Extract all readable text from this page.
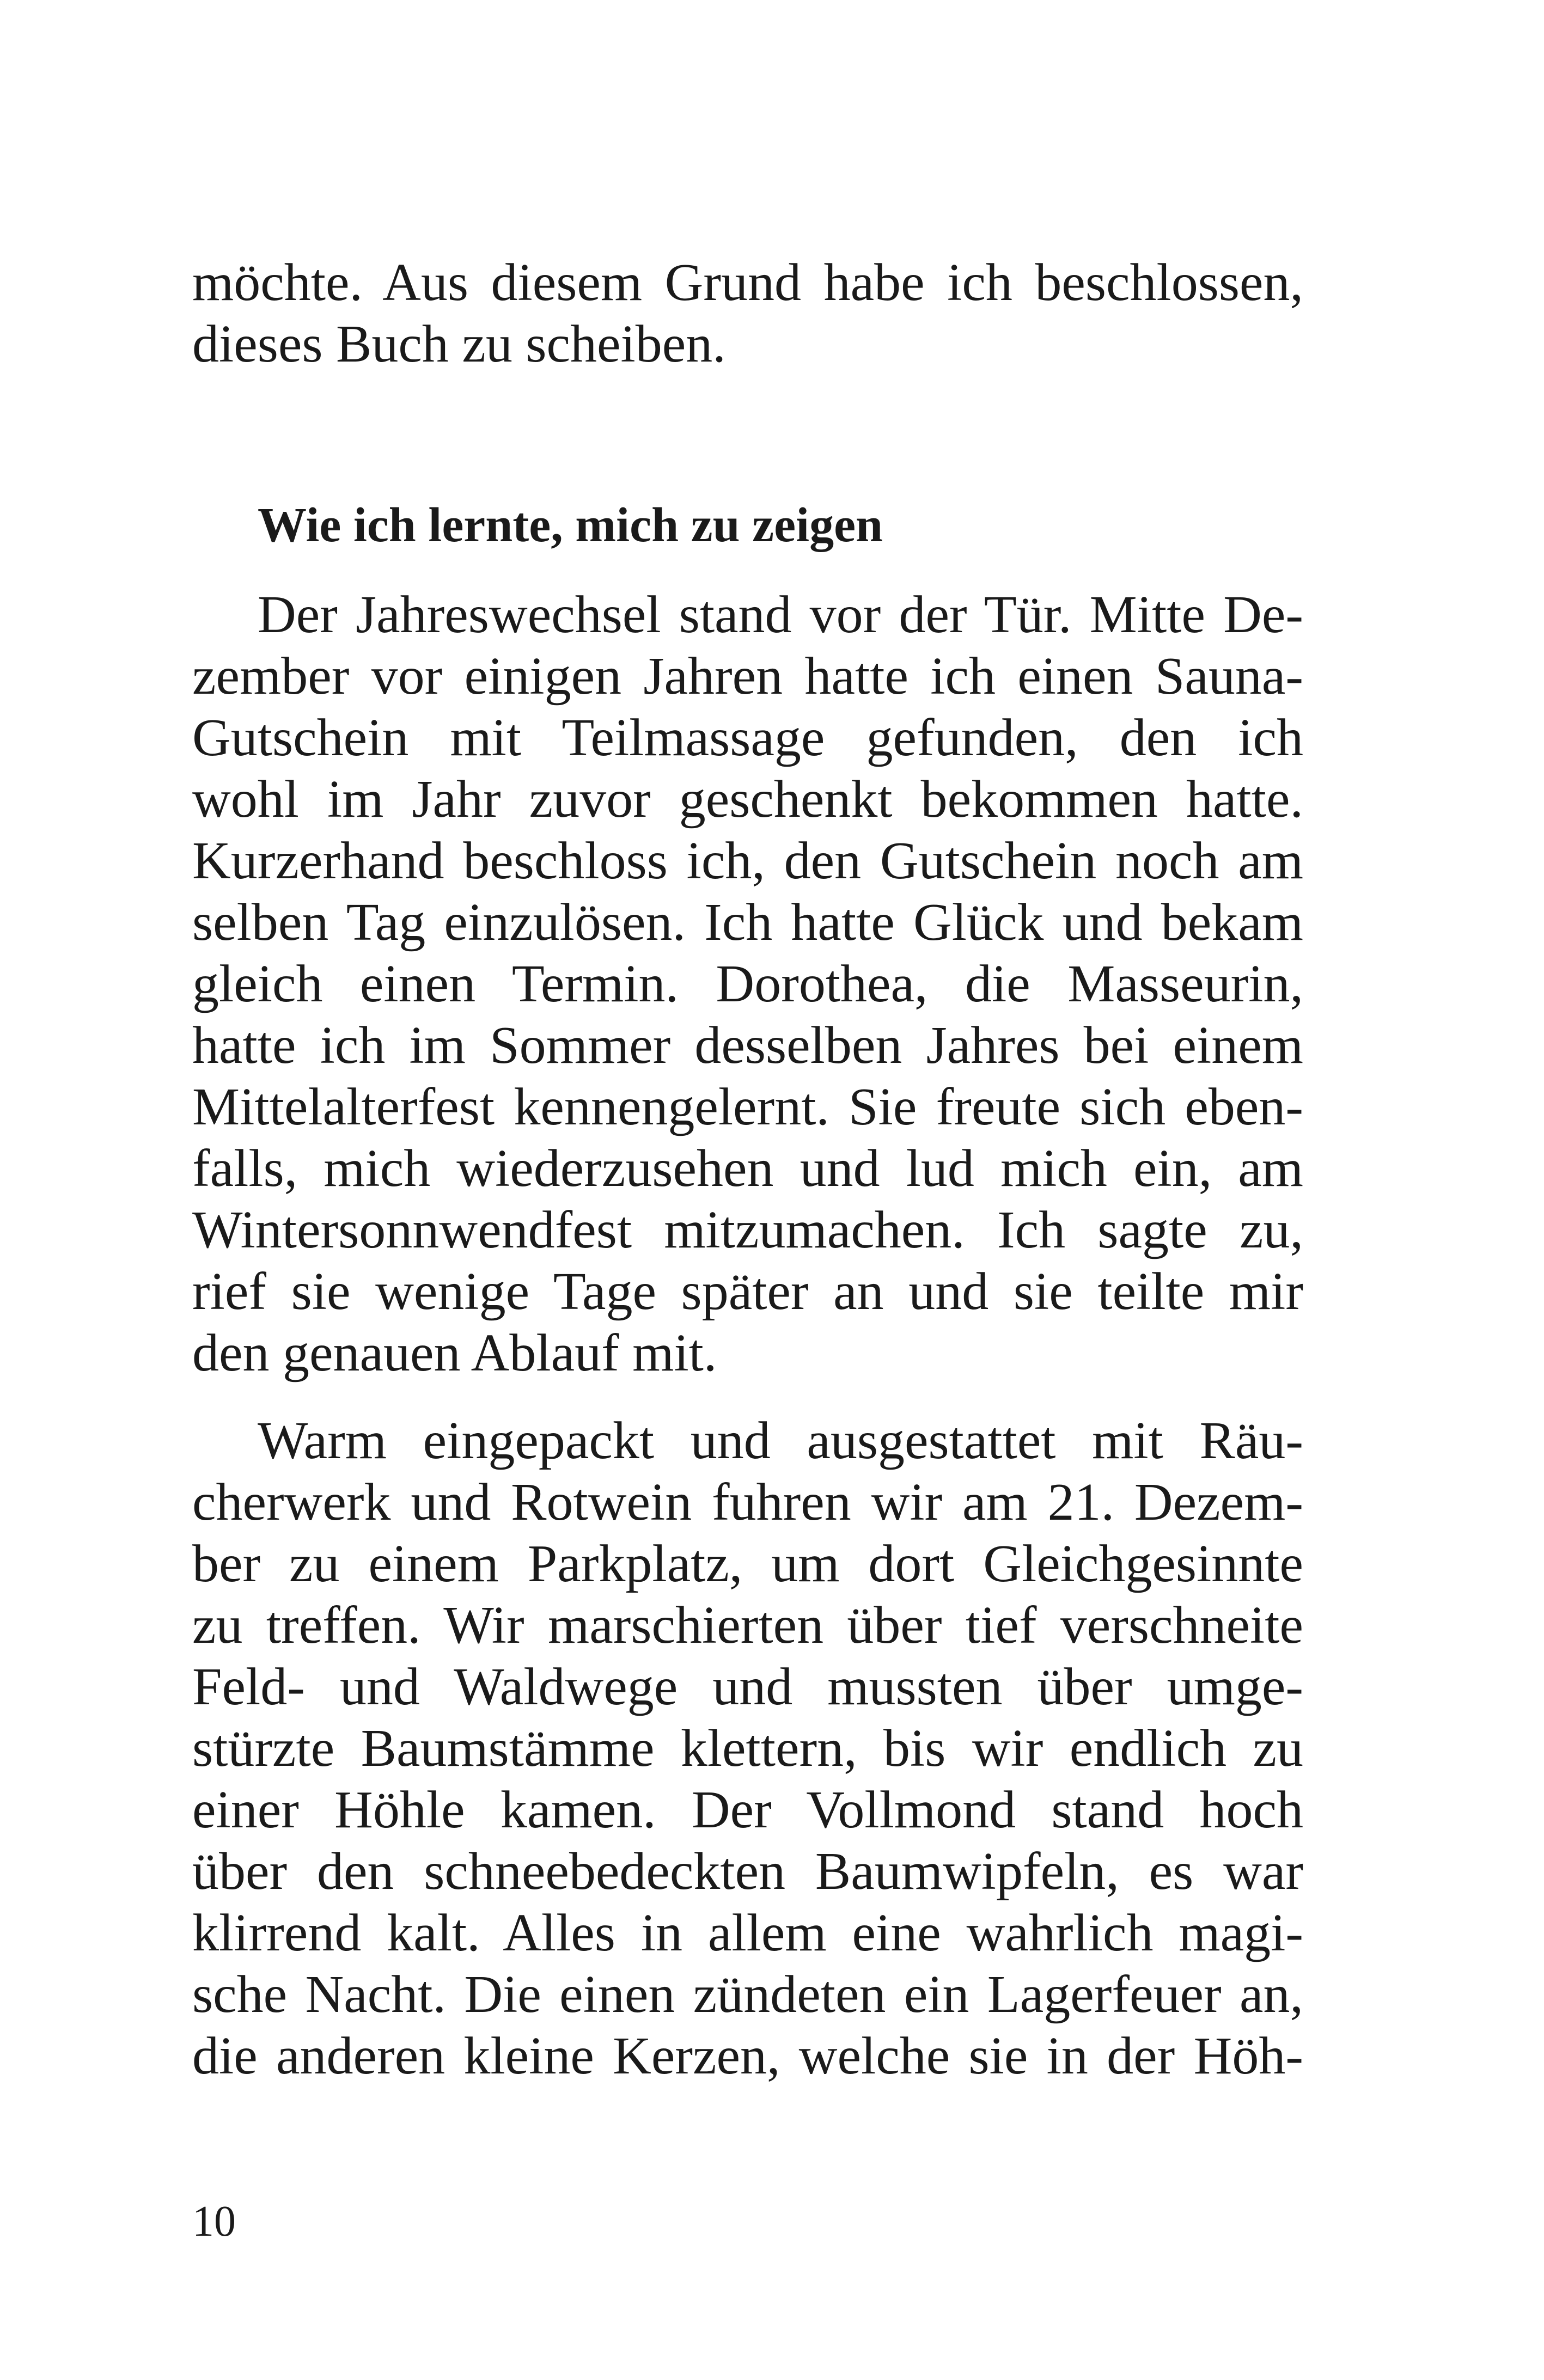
möchte. Aus diesem Grund habe ich beschlossen,
dieses Buch zu scheiben.
Wie ich lernte, mich zu zeigen
Der Jahreswechsel stand vor der Tür. Mitte De-
zember vor einigen Jahren hatte ich einen Sauna-
Gutschein mit Teilmassage gefunden, den ich
wohl im Jahr zuvor geschenkt bekommen hatte.
Kurzerhand beschloss ich, den Gutschein noch am
selben Tag einzulösen. Ich hatte Glück und bekam
gleich einen Termin. Dorothea, die Masseurin,
hatte ich im Sommer desselben Jahres bei einem
Mittelalterfest kennengelernt. Sie freute sich eben-
falls, mich wiederzusehen und lud mich ein, am
Wintersonnwendfest mitzumachen. Ich sagte zu,
rief sie wenige Tage später an und sie teilte mir
den genauen Ablauf mit.
Warm eingepackt und ausgestattet mit Räu-
cherwerk und Rotwein fuhren wir am 21. Dezem-
ber zu einem Parkplatz, um dort Gleichgesinnte
zu treffen. Wir marschierten über tief verschneite
Feld- und Waldwege und mussten über umge-
stürzte Baumstämme klettern, bis wir endlich zu
einer Höhle kamen. Der Vollmond stand hoch
über den schneebedeckten Baumwipfeln, es war
klirrend kalt. Alles in allem eine wahrlich magi-
sche Nacht. Die einen zündeten ein Lagerfeuer an,
die anderen kleine Kerzen, welche sie in der Höh-
10
